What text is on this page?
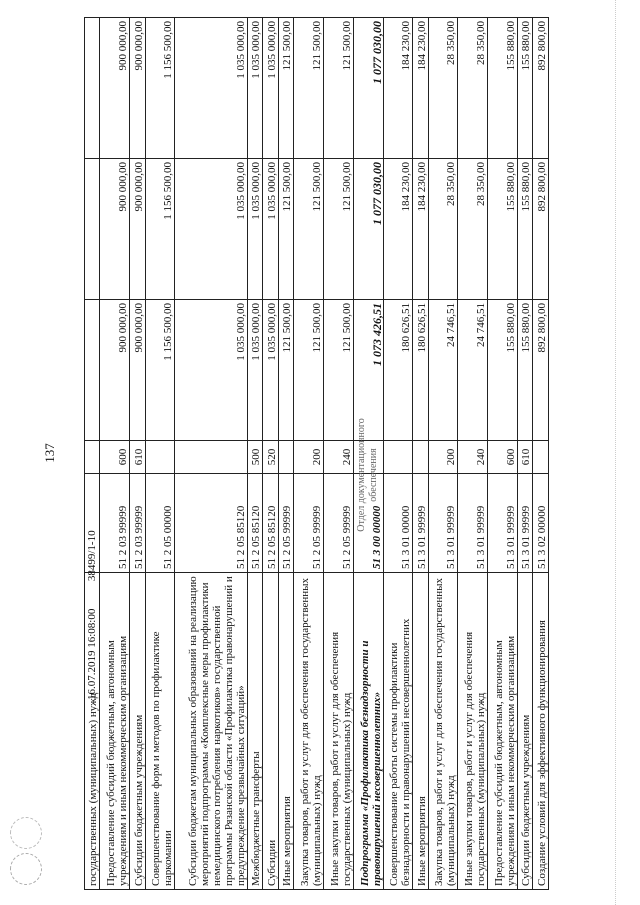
137
государственных (муниципальных) нужд					
Предоставление субсидий бюджетным, автономным учреждениям и иным некоммерческим организациям	51 2 03 99999	600	900 000,00	900 000,00	900 000,00
Субсидии бюджетным учреждениям	51 2 03 99999	610	900 000,00	900 000,00	900 000,00
Совершенствование форм и методов по профилактике наркомании	51 2 05 00000		1 156 500,00	1 156 500,00	1 156 500,00
Субсидии бюджетам муниципальных образований на реализацию мероприятий подпрограммы «Комплексные меры профилактики немедицинского потребления наркотиков» государственной программы Рязанской области «Профилактика правонарушений и предупреждение чрезвычайных ситуаций»	51 2 05 85120		1 035 000,00	1 035 000,00	1 035 000,00
Межбюджетные трансферты	51 2 05 85120	500	1 035 000,00	1 035 000,00	1 035 000,00
Субсидии	51 2 05 85120	520	1 035 000,00	1 035 000,00	1 035 000,00
Иные мероприятия	51 2 05 99999		121 500,00	121 500,00	121 500,00
Закупка товаров, работ и услуг для обеспечения государственных (муниципальных) нужд	51 2 05 99999	200	121 500,00	121 500,00	121 500,00
Иные закупки товаров, работ и услуг для обеспечения государственных (муниципальных) нужд	51 2 05 99999	240	121 500,00	121 500,00	121 500,00
Подпрограмма «Профилактика безнадзорности и правонарушений несовершеннолетних»	51 3 00 00000		1 073 426,51	1 077 030,00	1 077 030,00
Совершенствование работы системы профилактики безнадзорности и правонарушений несовершеннолетних	51 3 01 00000		180 626,51	184 230,00	184 230,00
Иные мероприятия	51 3 01 99999		180 626,51	184 230,00	184 230,00
Закупка товаров, работ и услуг для обеспечения государственных (муниципальных) нужд	51 3 01 99999	200	24 746,51	28 350,00	28 350,00
Иные закупки товаров, работ и услуг для обеспечения государственных (муниципальных) нужд	51 3 01 99999	240	24 746,51	28 350,00	28 350,00
Предоставление субсидий бюджетным, автономным учреждениям и иным некоммерческим организациям	51 3 01 99999	600	155 880,00	155 880,00	155 880,00
Субсидии бюджетным учреждениям	51 3 01 99999	610	155 880,00	155 880,00	155 880,00
Создание условий для эффективного функционирования	51 3 02 00000		892 800,00	892 800,00	892 800,00
Отдел документационного обеспечения
16.07.2019 16:08:00  38499/1-10
